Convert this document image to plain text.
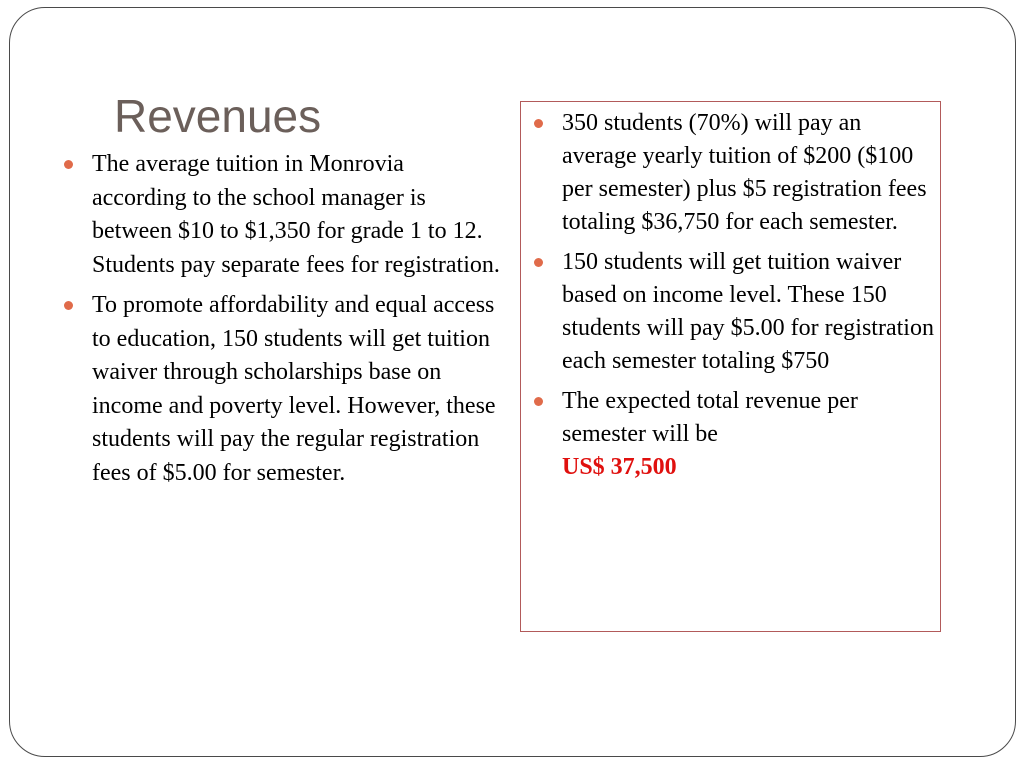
Revenues
The average tuition in Monrovia according to the school manager is between $10 to $1,350 for grade 1 to 12. Students pay separate fees for registration.
To promote affordability and equal access to education, 150 students will get tuition waiver through scholarships base on income and poverty level. However, these students will pay the regular registration fees of $5.00 for semester.
350 students (70%) will pay an average yearly tuition of $200 ($100 per semester) plus $5 registration fees totaling $36,750 for each semester.
150 students will get tuition waiver based on income level. These 150 students will pay $5.00 for registration each semester totaling $750
The expected total revenue per semester will be
US$ 37,500
